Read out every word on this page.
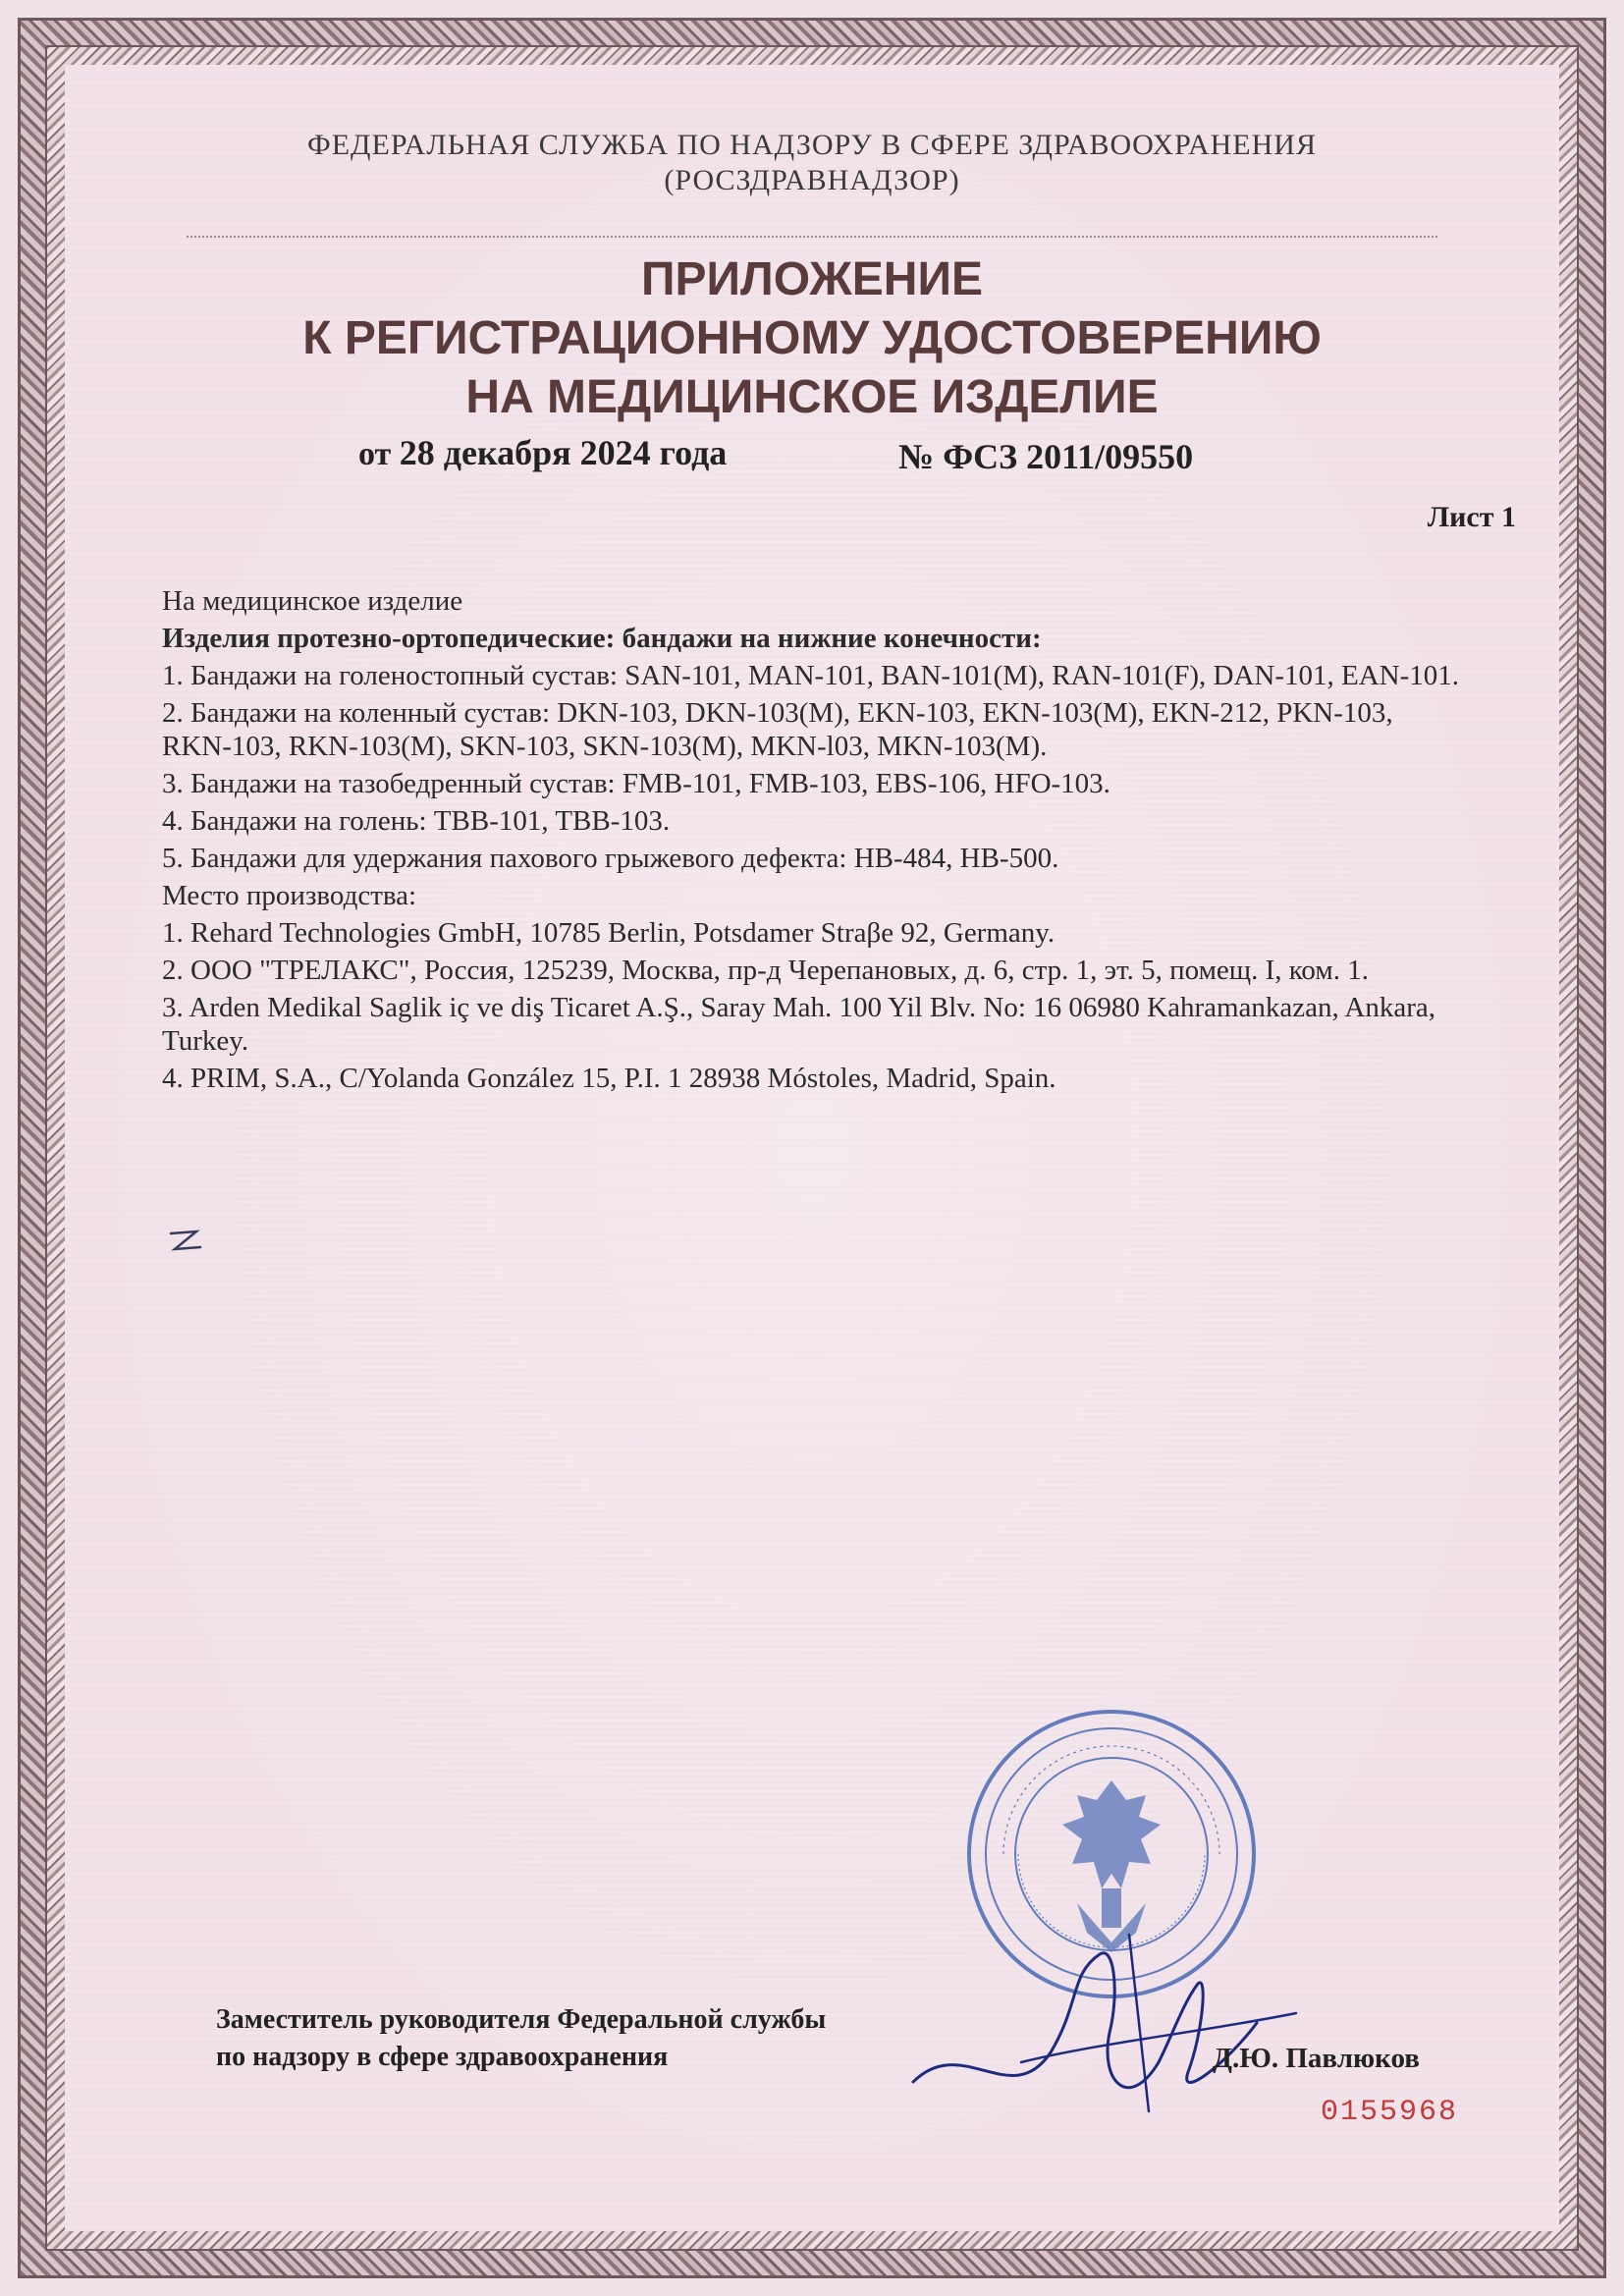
ФЕДЕРАЛЬНАЯ СЛУЖБА ПО НАДЗОРУ В СФЕРЕ ЗДРАВООХРАНЕНИЯ
(РОСЗДРАВНАДЗОР)
ПРИЛОЖЕНИЕ
К РЕГИСТРАЦИОННОМУ УДОСТОВЕРЕНИЮ
НА МЕДИЦИНСКОЕ ИЗДЕЛИЕ
от 28 декабря 2024 года	№ ФСЗ 2011/09550
Лист 1

На медицинское изделие

Изделия протезно-ортопедические: бандажи на нижние конечности:

1. Бандажи на голеностопный сустав: SAN-101, MAN-101, BAN-101(M), RAN-101(F), DAN-101, EAN-101.

2. Бандажи на коленный сустав: DKN-103, DKN-103(M), EKN-103, EKN-103(M), EKN-212, PKN-103, RKN-103, RKN-103(M), SKN-103, SKN-103(M), MKN-l03, MKN-103(M).

3. Бандажи на тазобедренный сустав: FMB-101, FMB-103, EBS-106, HFO-103.

4. Бандажи на голень: TBB-101, TBB-103.

5. Бандажи для удержания пахового грыжевого дефекта: HB-484, HB-500.

Место производства:

1. Rehard Technologies GmbH, 10785 Berlin, Potsdamer Straβe 92, Germany.

2. ООО "ТРЕЛАКС", Россия, 125239, Москва, пр-д Черепановых, д. 6, стр. 1, эт. 5, помещ. I, ком. 1.

3. Arden Medikal Saglik iç ve diş Ticaret A.Ş., Saray Mah. 100 Yil Blv. No: 16 06980 Kahramankazan, Ankara, Turkey.

4. PRIM, S.A., C/Yolanda González 15, P.I. 1 28938 Móstoles, Madrid, Spain.

Заместитель руководителя Федеральной службы
по надзору в сфере здравоохранения	Д.Ю. Павлюков
0155968
